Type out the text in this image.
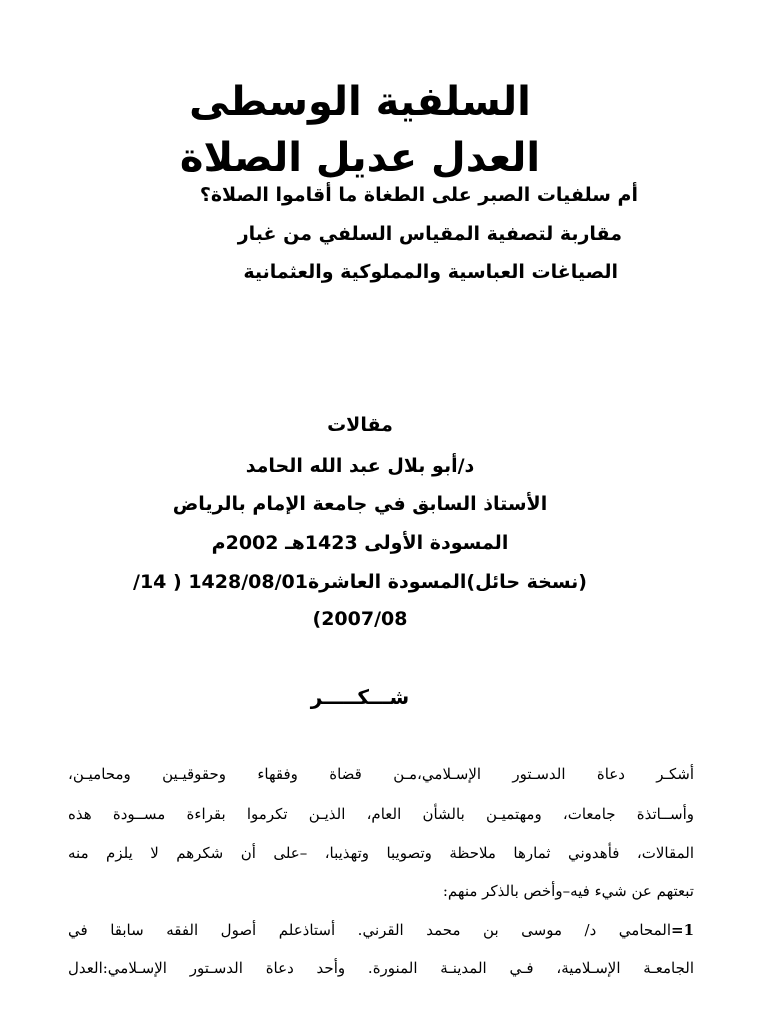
السلفية الوسطى
العدل عديل الصلاة
أم سلفيات الصبر على الطغاة ما أقاموا الصلاة؟
مقاربة لتصفية المقياس السلفي من غبار
الصياغات العباسية والمملوكية والعثمانية
مقالات
د/أبو بلال عبد الله الحامد
الأستاذ السابق في جامعة الإمام بالرياض
المسودة الأولى 1423هـ 2002م
(نسخة حائل)المسودة العاشرة1428/08/01 ( 14/
2007/08)
شـــكـــــر
أشكـر دعاة الدسـتور الإسـلامي،مـن قضاة وفقهاء وحقوقيـين ومحاميـن،
وأســاتذة جامعات، ومهتميـن بالشأن العام، الذيـن تكرموا بقراءة مســودة هذه
المقالات، فأهدوني ثمارها ملاحظة وتصويبا وتهذيبا، –على أن شكرهم لا يلزم منه
تبعتهم عن شيء فيه–وأخص بالذكر منهم:
1=المحامي د/ موسى بن محمد القرني. أستاذعلم أصول الفقه سابقا في
الجامعـة الإسـلامية، فـي المدينـة المنورة. وأحد دعاة الدسـتور الإسـلامي:العدل
